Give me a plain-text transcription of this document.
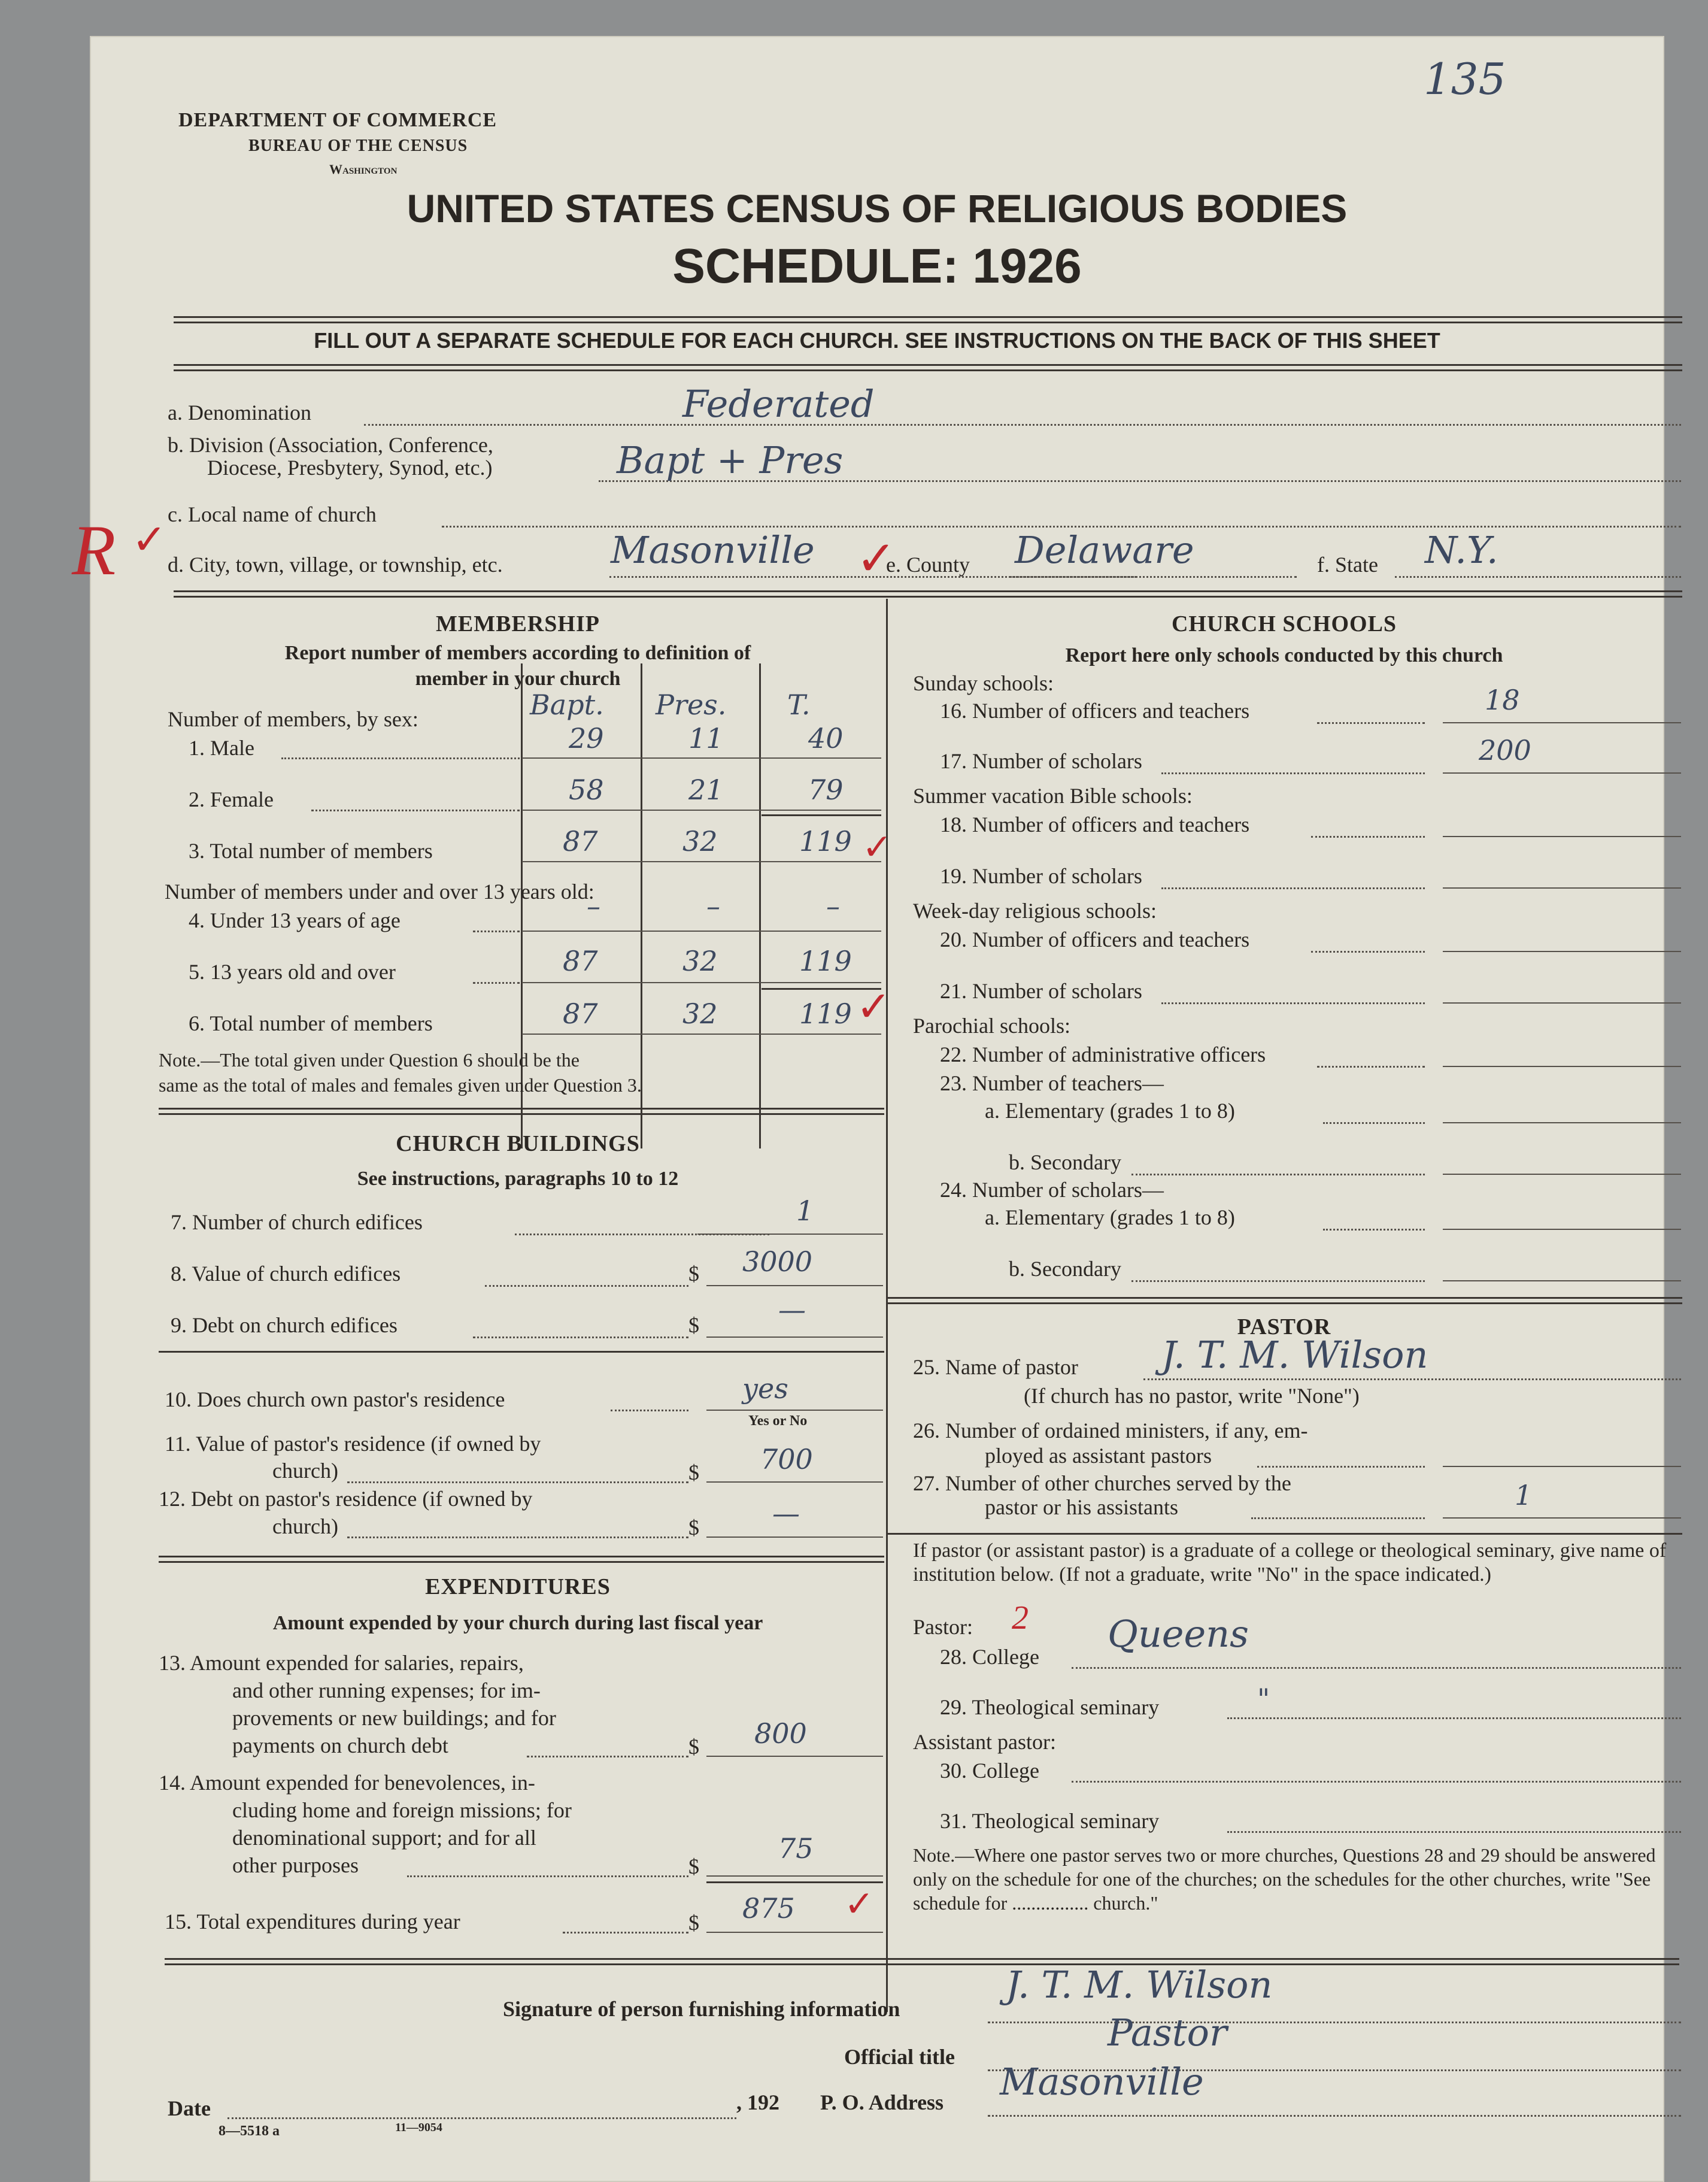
135
DEPARTMENT OF COMMERCE
BUREAU OF THE CENSUS
Washington
UNITED STATES CENSUS OF RELIGIOUS BODIES
SCHEDULE: 1926
FILL OUT A SEPARATE SCHEDULE FOR EACH CHURCH. SEE INSTRUCTIONS ON THE BACK OF THIS SHEET
a. Denomination	Federated
b. Division (Association, Conference,
Diocese, Presbytery, Synod, etc.)	Bapt + Pres
c. Local name of church
R ✓
d. City, town, village, or township, etc.	Masonville ✓
e. County Delaware	f. State N.Y.
MEMBERSHIP
Report number of members according to definition of
member in your church
Bapt. Pres. T.
Number of members, by sex:
1. Male	29	11	40
2. Female	58	21	79
3. Total number of members	87	32	119 ✓
Number of members under and over 13 years old:
4. Under 13 years of age	–	–	–
5. 13 years old and over	87	32	119
6. Total number of members	87	32	119 ✓
Note.—The total given under Question 6 should be the
same as the total of males and females given under Question 3.
CHURCH BUILDINGS
See instructions, paragraphs 10 to 12
7. Number of church edifices	1
8. Value of church edifices	$ 3000
9. Debt on church edifices	$	—
10. Does church own pastor's residence	yes
Yes or No
11. Value of pastor's residence (if owned by
church)	$ 700
12. Debt on pastor's residence (if owned by
church)	$	—
EXPENDITURES
Amount expended by your church during last fiscal year
13. Amount expended for salaries, repairs,
and other running expenses; for im-
provements or new buildings; and for
payments on church debt	$ 800
14. Amount expended for benevolences, in-
cluding home and foreign missions; for
denominational support; and for all
other purposes	$
75
15. Total expenditures during year	$ 875 ✓
CHURCH SCHOOLS
Report here only schools conducted by this church
Sunday schools:
16. Number of officers and teachers	18
17. Number of scholars	200
Summer vacation Bible schools:
18. Number of officers and teachers
19. Number of scholars
Week-day religious schools:
20. Number of officers and teachers
21. Number of scholars
Parochial schools:
22. Number of administrative officers
23. Number of teachers—
a. Elementary (grades 1 to 8)
b. Secondary
24. Number of scholars—
a. Elementary (grades 1 to 8)
b. Secondary
PASTOR
25. Name of pastor J. T. M. Wilson
(If church has no pastor, write "None")
26. Number of ordained ministers, if any, em-
ployed as assistant pastors
27. Number of other churches served by the
pastor or his assistants	1
If pastor (or assistant pastor) is a graduate of a college or theological seminary, give name of institution below. (If not a graduate, write "No" in the space indicated.)
Pastor: 2
28. College
Queens
29. Theological seminary	"
Assistant pastor:
30. College
31. Theological seminary
Note.—Where one pastor serves two or more churches, Questions 28 and 29 should be answered only on the schedule for one of the churches; on the schedules for the other churches, write "See schedule for ................ church."
Signature of person furnishing information
J. T. M. Wilson
Official title
Pastor
Date	, 192 P. O. Address Masonville
8—5518 a	11—9054
